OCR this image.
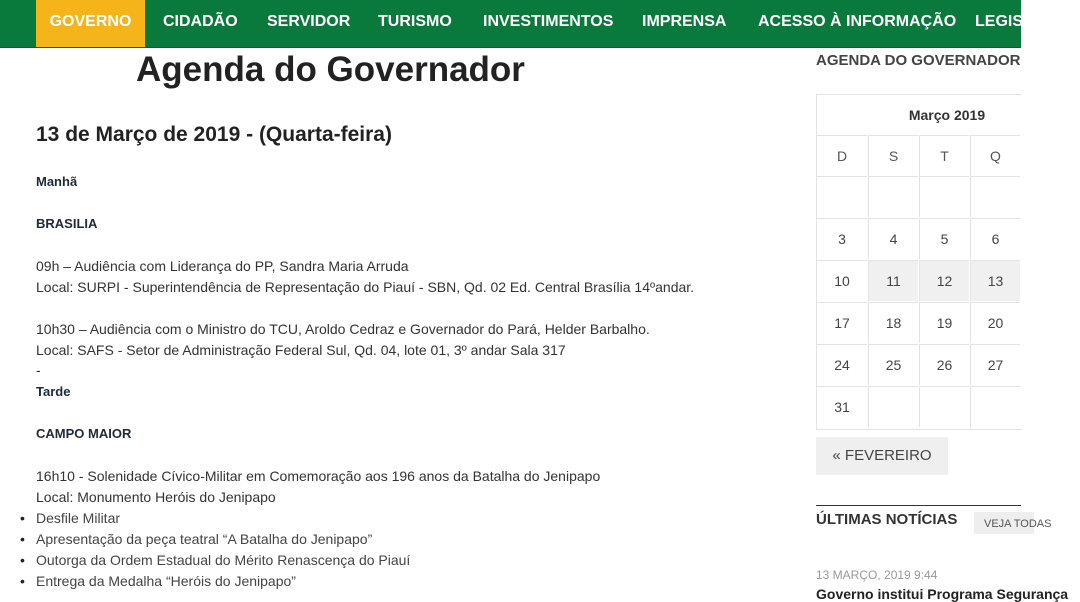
GOVERNO	CIDADÃO SERVIDOR TURISMO INVESTIMENTOS IMPRENSA ACESSO À INFORMAÇÃO LEGISLAÇÃO
Agenda do Governador
13 de Março de 2019 - (Quarta-feira)
Manhã
BRASILIA
09h – Audiência com Liderança do PP, Sandra Maria Arruda
Local: SURPI - Superintendência de Representação do Piauí - SBN, Qd. 02 Ed. Central Brasília 14ºandar.
10h30 – Audiência com o Ministro do TCU, Aroldo Cedraz e Governador do Pará, Helder Barbalho.
Local: SAFS - Setor de Administração Federal Sul, Qd. 04, lote 01, 3º andar Sala 317
-
Tarde
CAMPO MAIOR
16h10 - Solenidade Cívico-Militar em Comemoração aos 196 anos da Batalha do Jenipapo
Local: Monumento Heróis do Jenipapo
• Desfile Militar
• Apresentação da peça teatral “A Batalha do Jenipapo”
• Outorga da Ordem Estadual do Mérito Renascença do Piauí
• Entrega da Medalha “Heróis do Jenipapo”
AGENDA DO GOVERNADOR
Março 2019
D	S	T	Q
3	4	5	6
10	11	12	13
17	18	19	20
24	25	26	27
31
« FEVEREIRO
ÚLTIMAS NOTÍCIAS	VEJA TODAS
13 MARÇO, 2019 9:44
Governo institui Programa Segurança
